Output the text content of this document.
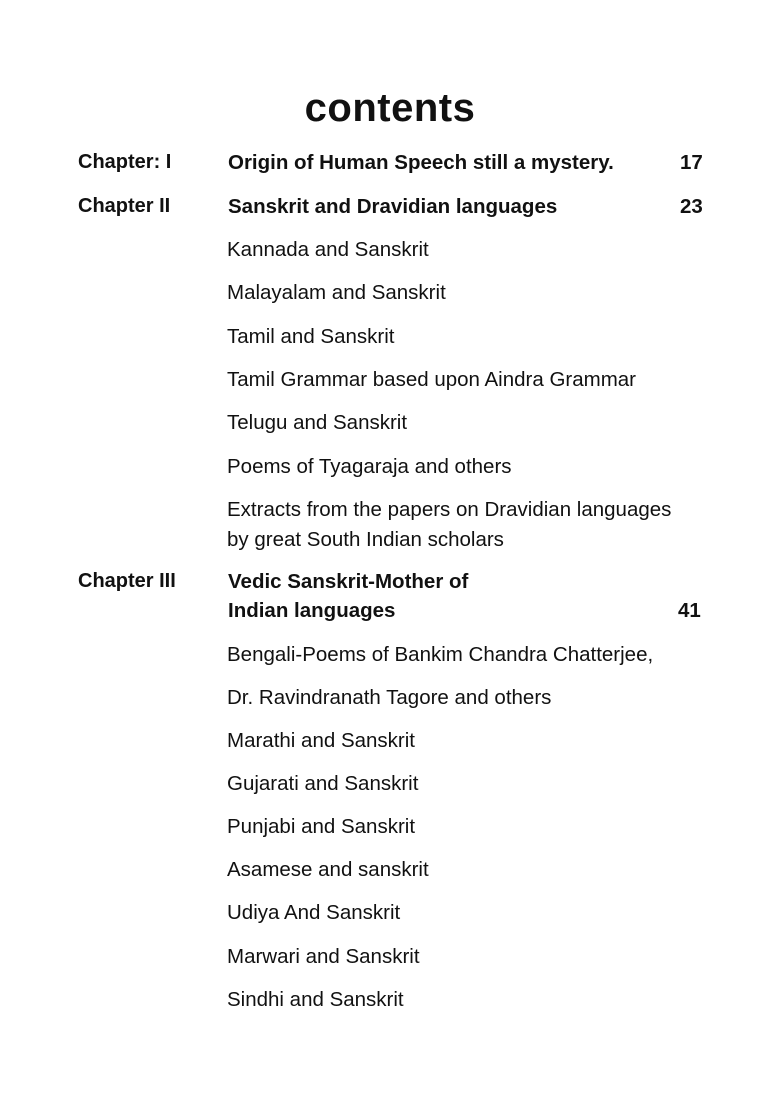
contents
Chapter: I	Origin of Human Speech still a mystery.	17
Chapter II	Sanskrit and Dravidian languages	23
Kannada and Sanskrit
Malayalam and Sanskrit
Tamil and Sanskrit
Tamil Grammar based upon Aindra Grammar
Telugu and Sanskrit
Poems of Tyagaraja and others
Extracts from the papers on Dravidian languages
by great South Indian scholars
Chapter III	Vedic Sanskrit-Mother of
Indian languages	41
Bengali-Poems of Bankim Chandra Chatterjee,
Dr. Ravindranath Tagore and others
Marathi and Sanskrit
Gujarati and Sanskrit
Punjabi and Sanskrit
Asamese and sanskrit
Udiya And Sanskrit
Marwari and Sanskrit
Sindhi and Sanskrit
